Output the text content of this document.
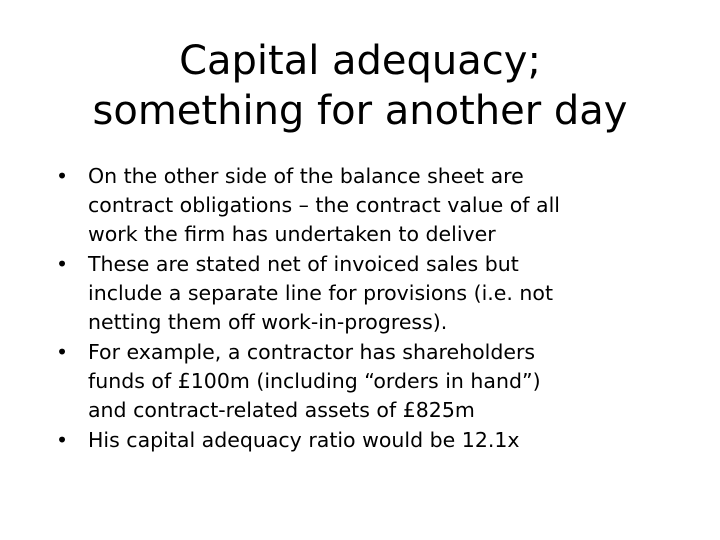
Capital adequacy;
something for another day
• On the other side of the balance sheet are
contract obligations – the contract value of all
work the firm has undertaken to deliver
• These are stated net of invoiced sales but
include a separate line for provisions (i.e. not
netting them off work-in-progress).
• For example, a contractor has shareholders
funds of £100m (including “orders in hand”)
and contract-related assets of £825m
• His capital adequacy ratio would be 12.1x
